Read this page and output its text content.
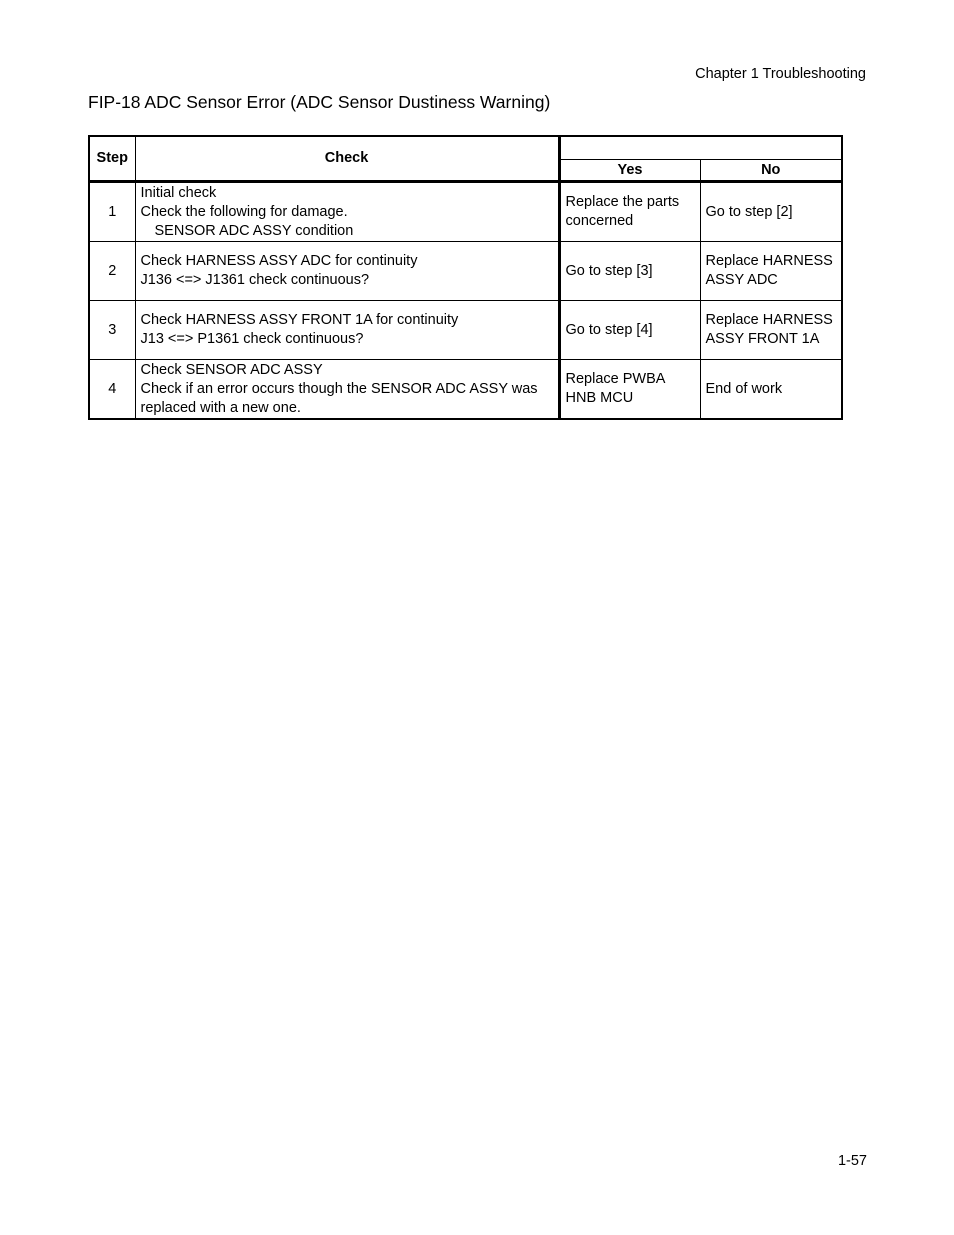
Chapter 1 Troubleshooting
FIP-18 ADC Sensor Error (ADC Sensor Dustiness Warning)
Step	Check		
		Yes	No
1	Initial check
Check the following for damage.
SENSOR ADC ASSY condition	Replace the parts concerned	Go to step [2]
2	Check HARNESS ASSY ADC for continuity
J136 <=> J1361 check continuous?	Go to step [3]	Replace HARNESS ASSY ADC
3	Check HARNESS ASSY FRONT 1A for continuity
J13 <=> P1361 check continuous?	Go to step [4]	Replace HARNESS ASSY FRONT 1A
4	Check SENSOR ADC ASSY
Check if an error occurs though the SENSOR ADC ASSY was replaced with a new one.	Replace PWBA HNB MCU	End of work
1-57
